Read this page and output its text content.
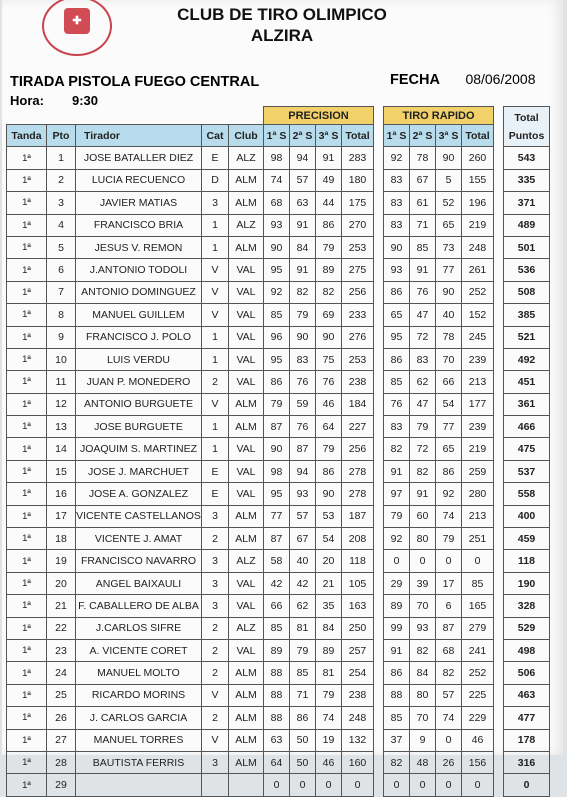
✚	CLUB DE TIRO OLIMPICO
ALZIRA
TIRADA PISTOLA FUEGO CENTRAL
Hora: 9:30
FECHA 08/06/2008
					PRECISION					TIRO RAPIDO					Total Puntos
Tanda	Pto	Tirador	Cat	Club	1ª S	2ª S	3ª S	Total		1ª S	2ª S	3ª S	Total		
1ª	1	JOSE BATALLER DIEZ	E	ALZ	98	94	91	283		92	78	90	260		543
1ª	2	LUCIA RECUENCO	D	ALM	74	57	49	180		83	67	5	155		335
1ª	3	JAVIER MATIAS	3	ALM	68	63	44	175		83	61	52	196		371
1ª	4	FRANCISCO BRIA	1	ALZ	93	91	86	270		83	71	65	219		489
1ª	5	JESUS V. REMON	1	ALM	90	84	79	253		90	85	73	248		501
1ª	6	J.ANTONIO TODOLI	V	VAL	95	91	89	275		93	91	77	261		536
1ª	7	ANTONIO DOMINGUEZ	V	VAL	92	82	82	256		86	76	90	252		508
1ª	8	MANUEL GUILLEM	V	VAL	85	79	69	233		65	47	40	152		385
1ª	9	FRANCISCO J. POLO	1	VAL	96	90	90	276		95	72	78	245		521
1ª	10	LUIS VERDU	1	VAL	95	83	75	253		86	83	70	239		492
1ª	11	JUAN P. MONEDERO	2	VAL	86	76	76	238		85	62	66	213		451
1ª	12	ANTONIO BURGUETE	V	ALM	79	59	46	184		76	47	54	177		361
1ª	13	JOSE BURGUETE	1	ALM	87	76	64	227		83	79	77	239		466
1ª	14	JOAQUIM S. MARTINEZ	1	VAL	90	87	79	256		82	72	65	219		475
1ª	15	JOSE J. MARCHUET	E	VAL	98	94	86	278		91	82	86	259		537
1ª	16	JOSE A. GONZALEZ	E	VAL	95	93	90	278		97	91	92	280		558
1ª	17	VICENTE CASTELLANOS	3	ALM	77	57	53	187		79	60	74	213		400
1ª	18	VICENTE J. AMAT	2	ALM	87	67	54	208		92	80	79	251		459
1ª	19	FRANCISCO NAVARRO	3	ALZ	58	40	20	118		0	0	0	0		118
1ª	20	ANGEL BAIXAULI	3	VAL	42	42	21	105		29	39	17	85		190
1ª	21	F. CABALLERO DE ALBA	3	VAL	66	62	35	163		89	70	6	165		328
1ª	22	J.CARLOS SIFRE	2	ALZ	85	81	84	250		99	93	87	279		529
1ª	23	A. VICENTE CORET	2	VAL	89	79	89	257		91	82	68	241		498
1ª	24	MANUEL MOLTO	2	ALM	88	85	81	254		86	84	82	252		506
1ª	25	RICARDO MORINS	V	ALM	88	71	79	238		88	80	57	225		463
1ª	26	J. CARLOS GARCIA	2	ALM	88	86	74	248		85	70	74	229		477
1ª	27	MANUEL TORRES	V	ALM	63	50	19	132		37	9	0	46		178
1ª	28	BAUTISTA FERRIS	3	ALM	64	50	46	160		82	48	26	156		316
1ª	29				0	0	0	0		0	0	0	0		0
